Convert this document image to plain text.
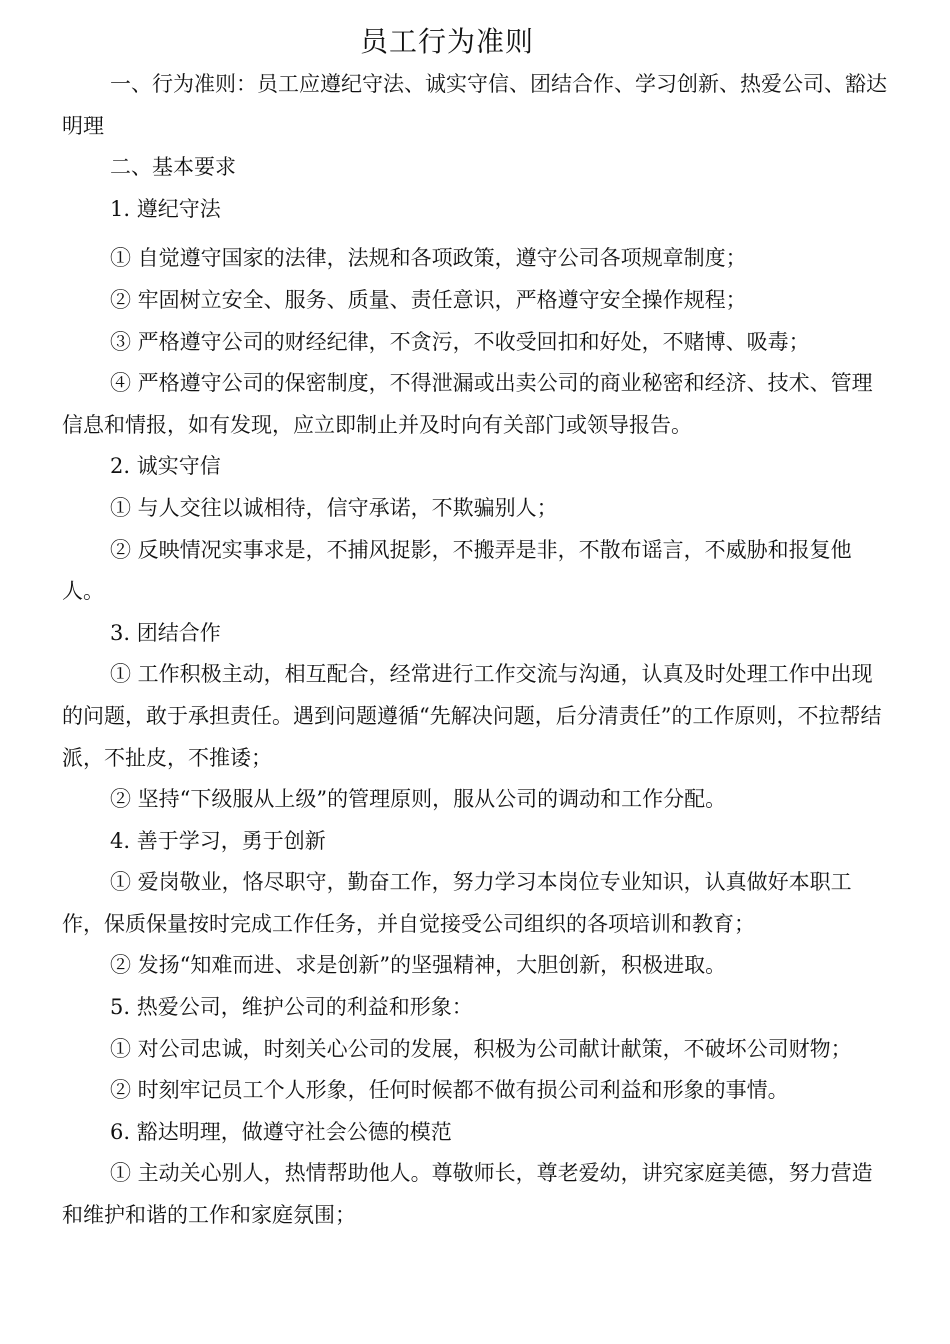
员工行为准则

一、行为准则：员工应遵纪守法、诚实守信、团结合作、学习创新、热爱公司、豁达明理

二、基本要求

1. 遵纪守法

① 自觉遵守国家的法律，法规和各项政策，遵守公司各项规章制度；

② 牢固树立安全、服务、质量、责任意识，严格遵守安全操作规程；

③ 严格遵守公司的财经纪律，不贪污，不收受回扣和好处，不赌博、吸毒；

④ 严格遵守公司的保密制度，不得泄漏或出卖公司的商业秘密和经济、技术、管理信息和情报，如有发现，应立即制止并及时向有关部门或领导报告。

2. 诚实守信

① 与人交往以诚相待，信守承诺，不欺骗别人；

② 反映情况实事求是，不捕风捉影，不搬弄是非，不散布谣言，不威胁和报复他人。

3. 团结合作

① 工作积极主动，相互配合，经常进行工作交流与沟通，认真及时处理工作中出现的问题，敢于承担责任。遇到问题遵循“先解决问题，后分清责任”的工作原则，不拉帮结派，不扯皮，不推诿；

② 坚持“下级服从上级”的管理原则，服从公司的调动和工作分配。

4. 善于学习，勇于创新

① 爱岗敬业，恪尽职守，勤奋工作，努力学习本岗位专业知识，认真做好本职工作，保质保量按时完成工作任务，并自觉接受公司组织的各项培训和教育；

② 发扬“知难而进、求是创新”的坚强精神，大胆创新，积极进取。

5. 热爱公司，维护公司的利益和形象：

① 对公司忠诚，时刻关心公司的发展，积极为公司献计献策，不破坏公司财物；

② 时刻牢记员工个人形象，任何时候都不做有损公司利益和形象的事情。

6. 豁达明理，做遵守社会公德的模范

① 主动关心别人，热情帮助他人。尊敬师长，尊老爱幼，讲究家庭美德，努力营造和维护和谐的工作和家庭氛围；
